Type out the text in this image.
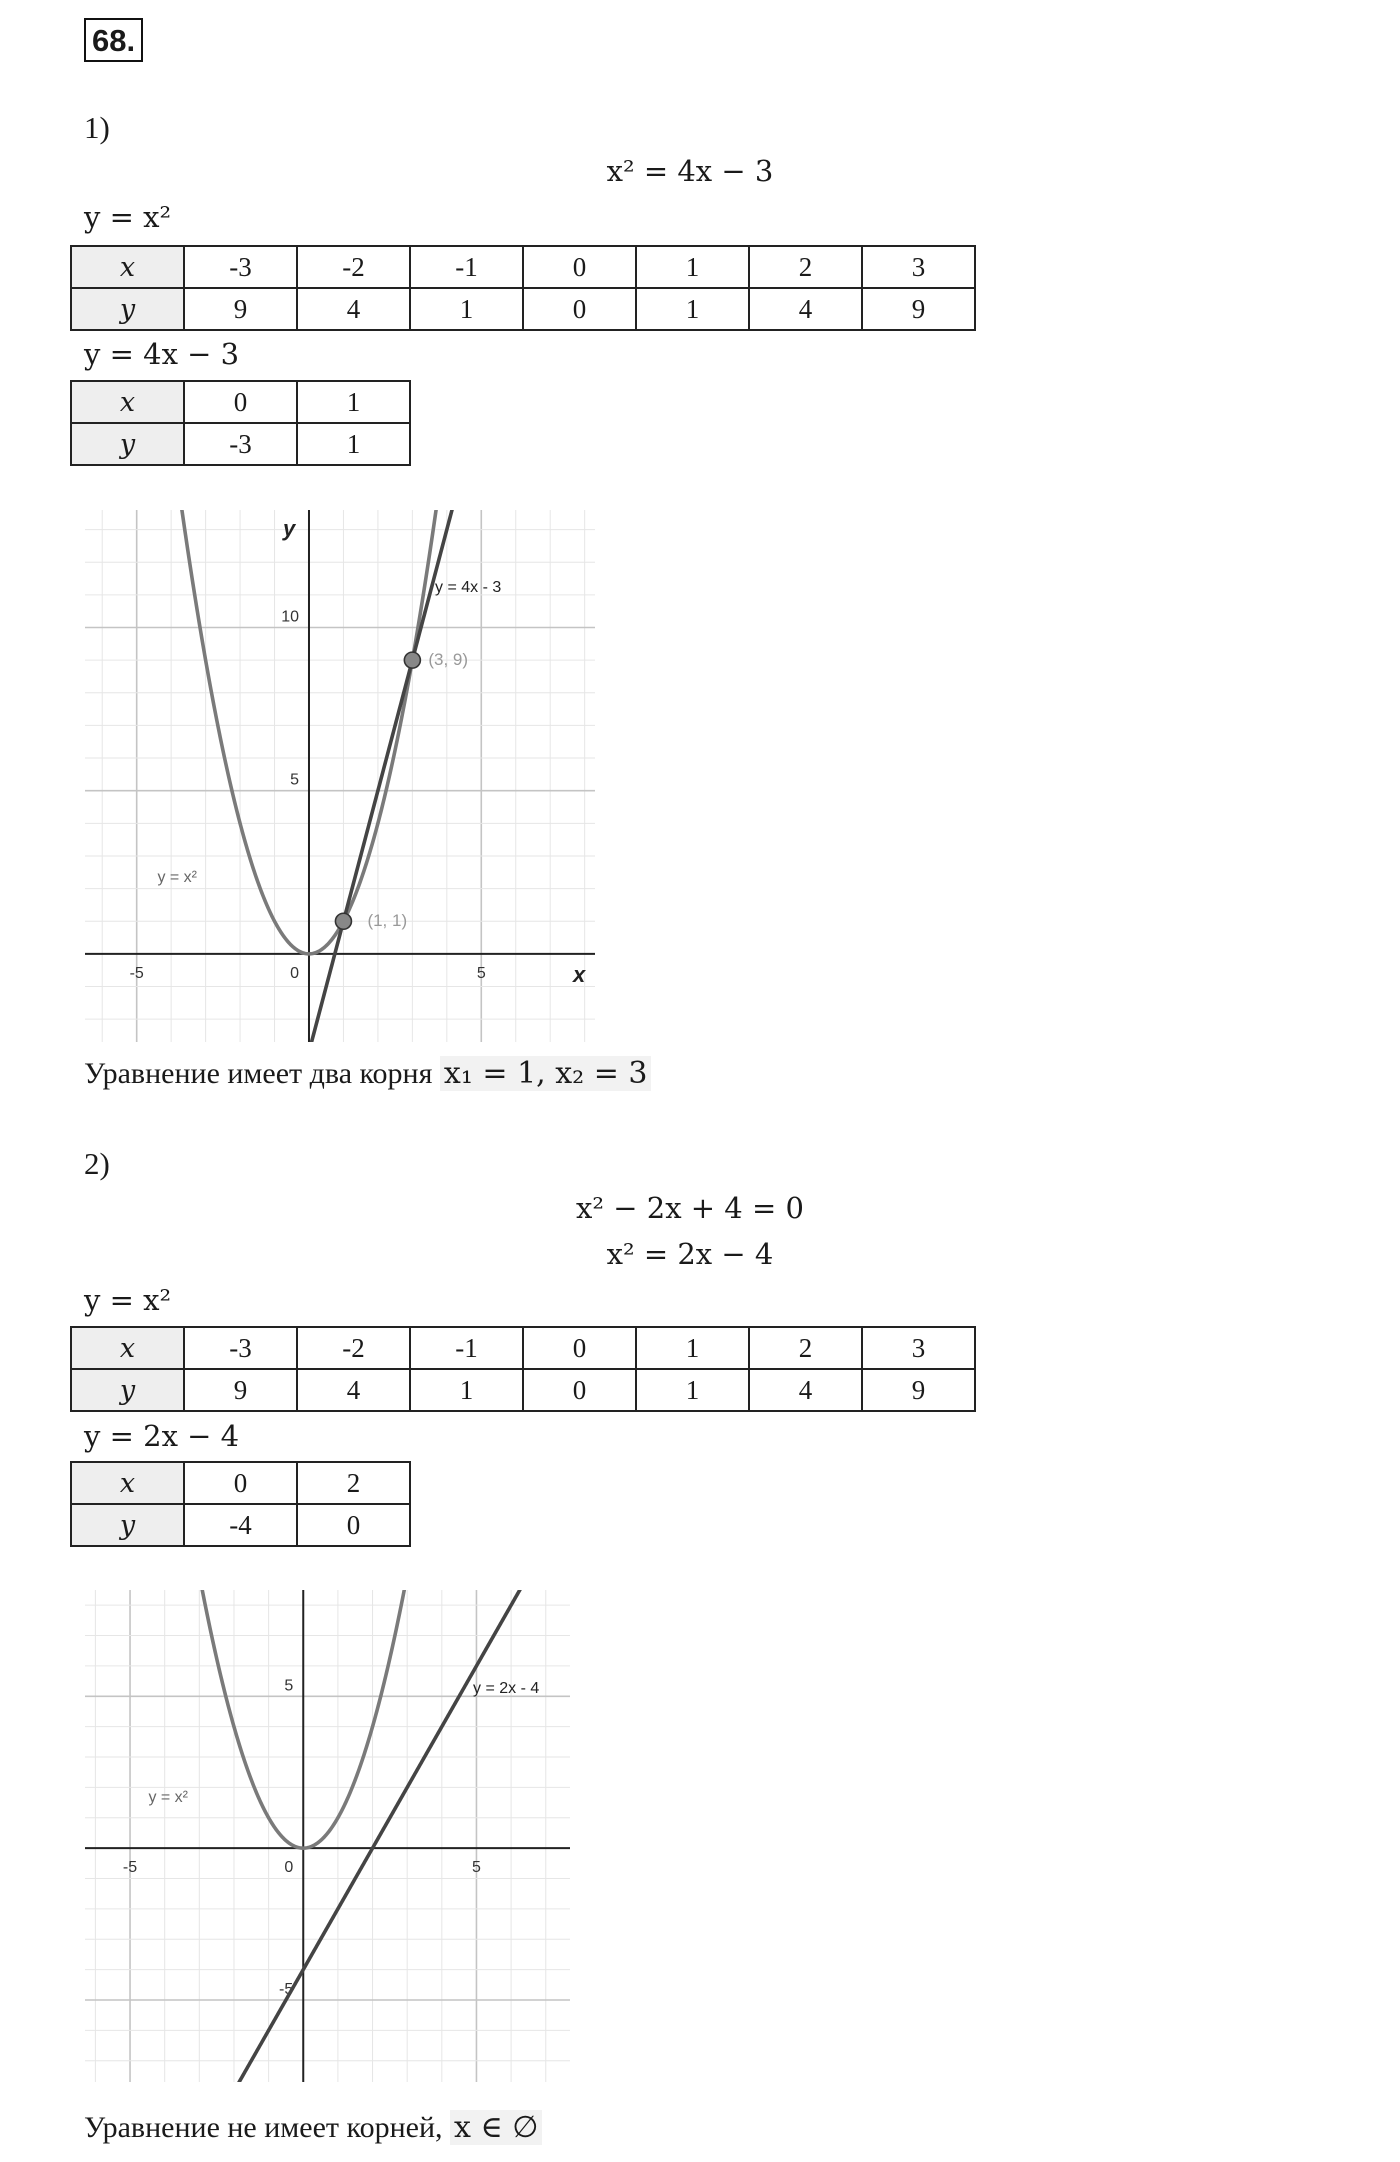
68.
1)
x² = 4x − 3
y = x²
x	-3	-2	-1	0	1	2	3
y	9	4	1	0	1	4	9
y = 4x − 3
x	0	1
y	-3	1
0
-5	5
5
10
x
y
y = x²
y = 4x - 3
(1, 1)
(3, 9)
Уравнение имеет два корня x₁ = 1, x₂ = 3
2)
x² − 2x + 4 = 0
x² = 2x − 4
y = x²
x	-3	-2	-1	0	1	2	3
y	9	4	1	0	1	4	9
y = 2x − 4
x	0	2
y	-4	0
0
-5	5
5
-5
y = x²
y = 2x - 4
Уравнение не имеет корней, x ∈ ∅
